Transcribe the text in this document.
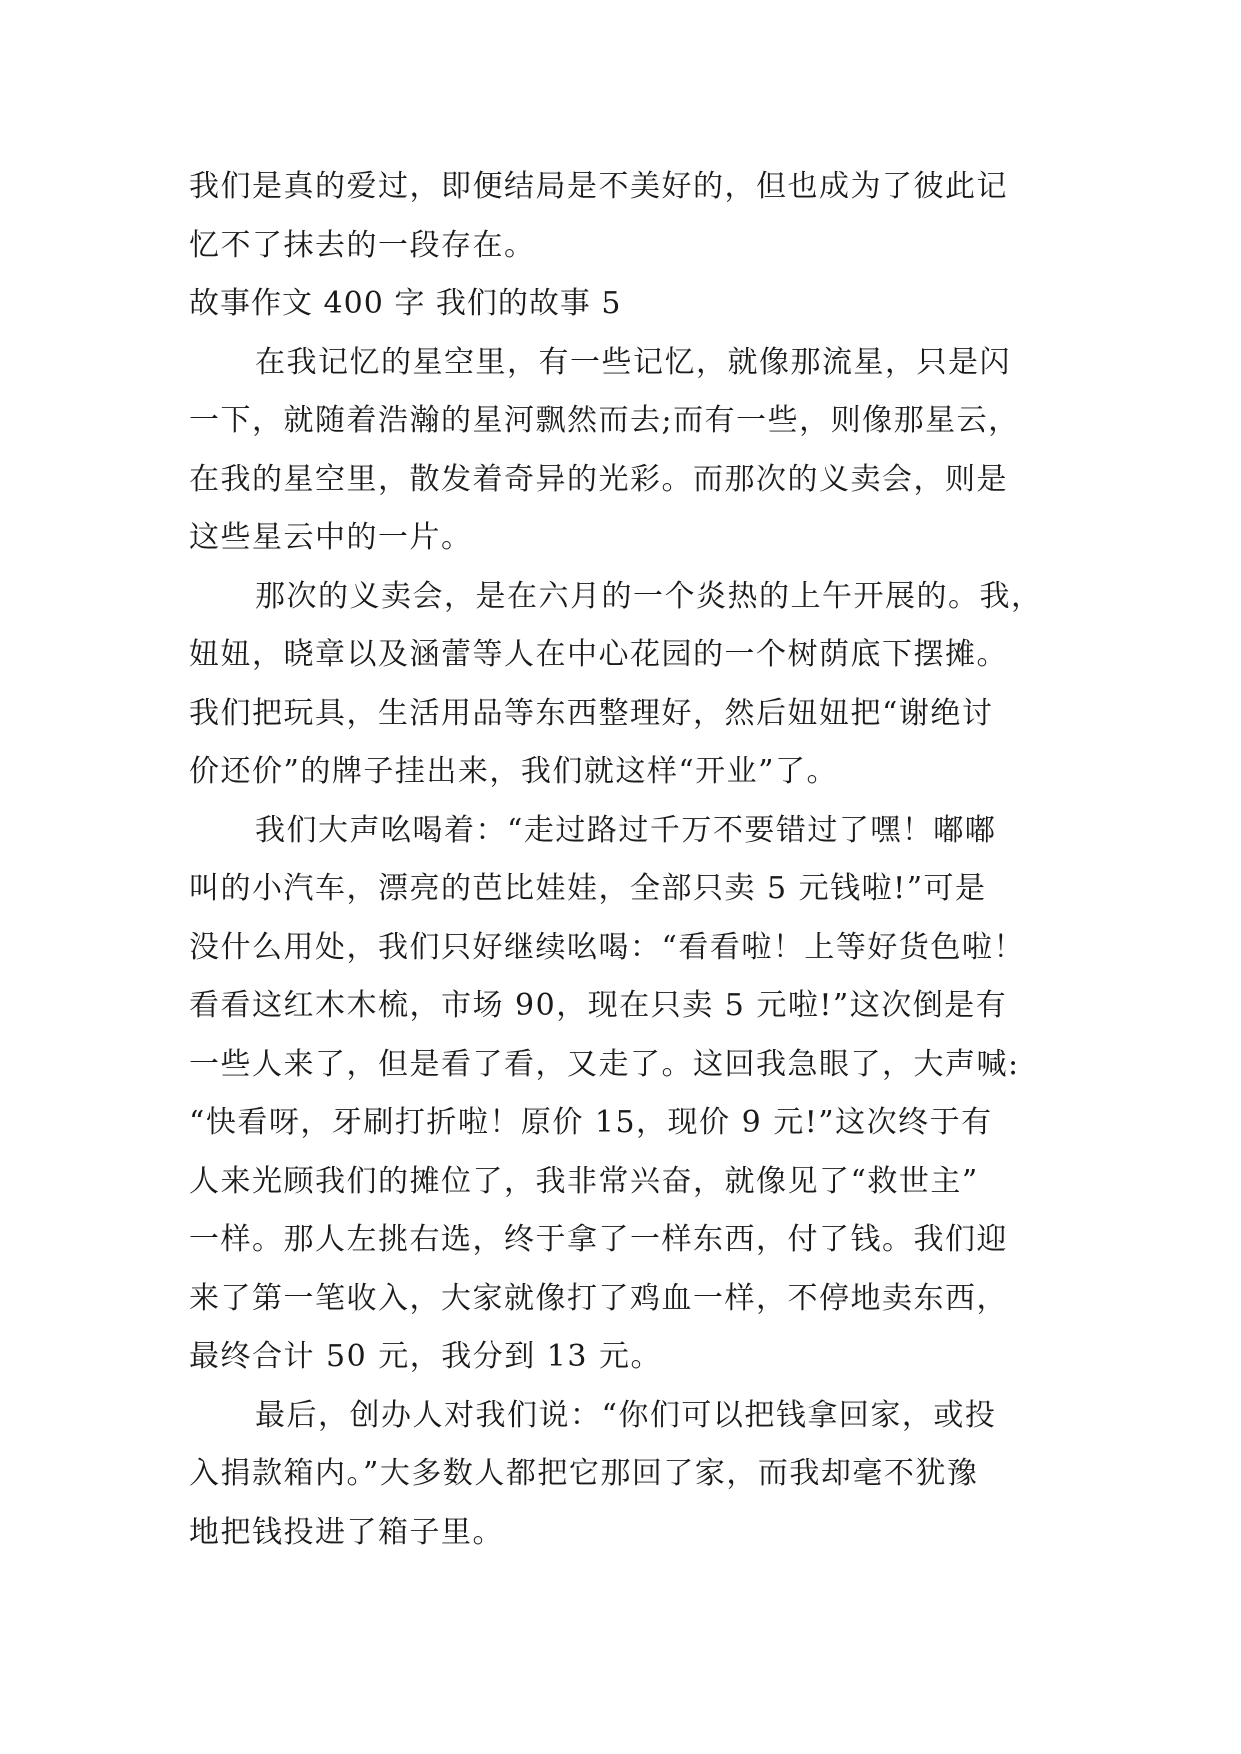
我们是真的爱过，即便结局是不美好的，但也成为了彼此记
忆不了抹去的一段存在。
故事作文 400 字 我们的故事 5
在我记忆的星空里，有一些记忆，就像那流星，只是闪
一下，就随着浩瀚的星河飘然而去;而有一些，则像那星云，
在我的星空里，散发着奇异的光彩。而那次的义卖会，则是
这些星云中的一片。
那次的义卖会，是在六月的一个炎热的上午开展的。我，
妞妞，晓章以及涵蕾等人在中心花园的一个树荫底下摆摊。
我们把玩具，生活用品等东西整理好，然后妞妞把“谢绝讨
价还价”的牌子挂出来，我们就这样“开业”了。
我们大声吆喝着：“走过路过千万不要错过了嘿！嘟嘟
叫的小汽车，漂亮的芭比娃娃，全部只卖 5 元钱啦!”可是
没什么用处，我们只好继续吆喝：“看看啦！上等好货色啦！
看看这红木木梳，市场 90，现在只卖 5 元啦!”这次倒是有
一些人来了，但是看了看，又走了。这回我急眼了，大声喊:
“快看呀，牙刷打折啦！原价 15，现价 9 元!”这次终于有
人来光顾我们的摊位了，我非常兴奋，就像见了“救世主”
一样。那人左挑右选，终于拿了一样东西，付了钱。我们迎
来了第一笔收入，大家就像打了鸡血一样，不停地卖东西，
最终合计 50 元，我分到 13 元。
最后，创办人对我们说：“你们可以把钱拿回家，或投
入捐款箱内。”大多数人都把它那回了家，而我却毫不犹豫
地把钱投进了箱子里。
